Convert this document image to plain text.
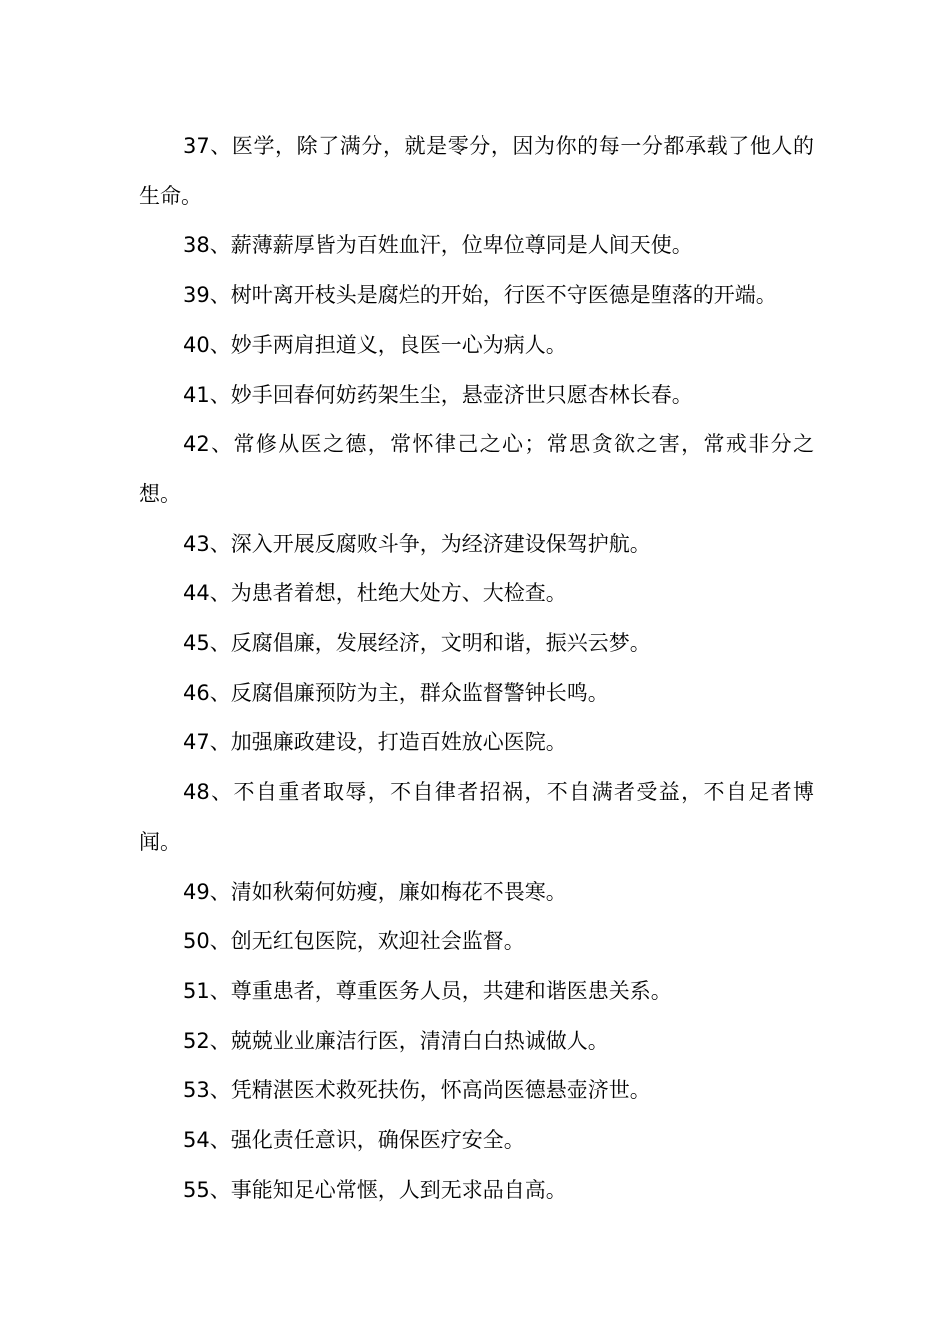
37、医学，除了满分，就是零分，因为你的每一分都承载了他人的生命。

38、薪薄薪厚皆为百姓血汗，位卑位尊同是人间天使。

39、树叶离开枝头是腐烂的开始，行医不守医德是堕落的开端。

40、妙手两肩担道义，良医一心为病人。

41、妙手回春何妨药架生尘，悬壶济世只愿杏林长春。

42、常修从医之德，常怀律己之心；常思贪欲之害，常戒非分之想。

43、深入开展反腐败斗争，为经济建设保驾护航。

44、为患者着想，杜绝大处方、大检查。

45、反腐倡廉，发展经济，文明和谐，振兴云梦。

46、反腐倡廉预防为主，群众监督警钟长鸣。

47、加强廉政建设，打造百姓放心医院。

48、不自重者取辱，不自律者招祸，不自满者受益，不自足者博闻。

49、清如秋菊何妨瘦，廉如梅花不畏寒。

50、创无红包医院，欢迎社会监督。

51、尊重患者，尊重医务人员，共建和谐医患关系。

52、兢兢业业廉洁行医，清清白白热诚做人。

53、凭精湛医术救死扶伤，怀高尚医德悬壶济世。

54、强化责任意识，确保医疗安全。

55、事能知足心常惬，人到无求品自高。
